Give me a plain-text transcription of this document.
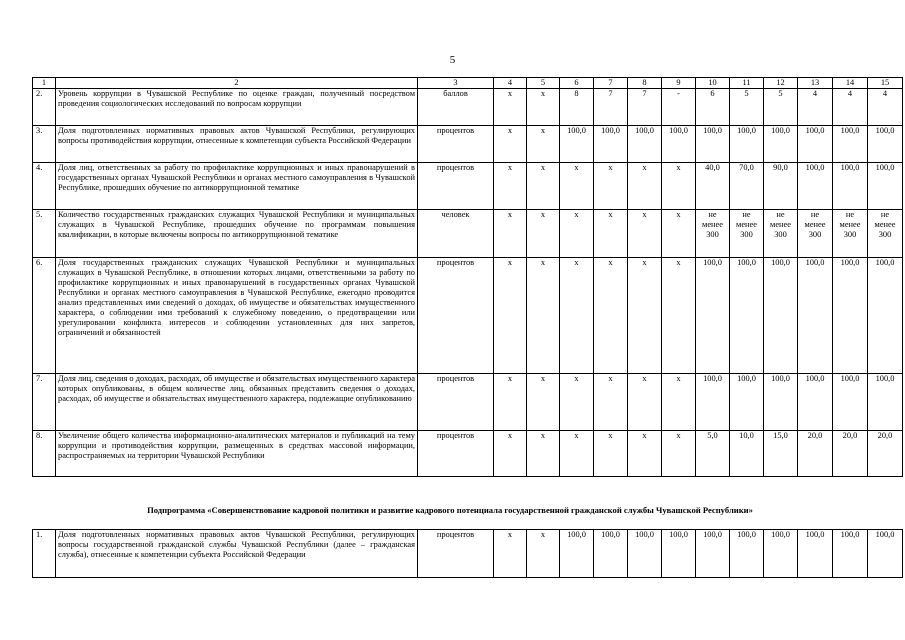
5
1	2	3	4	5	6	7	8	9	10	11	12	13	14	15
2.	Уровень коррупции в Чувашской Республике по оценке граждан, полученный посредством проведения социологических исследований по вопросам коррупции	баллов	х	х	8	7	7	-	6	5	5	4	4	4
3.	Доля подготовленных нормативных правовых актов Чувашской Республики, регулирующих вопросы противодействия коррупции, отнесенные к компетенции субъекта Российской Федерации	процентов	х	х	100,0	100,0	100,0	100,0	100,0	100,0	100,0	100,0	100,0	100,0
4.	Доля лиц, ответственных за работу по профилактике коррупционных и иных правонарушений в государственных органах Чувашской Республики и органах местного самоуправления в Чувашской Республике, прошедших обучение по антикоррупционной тематике	процентов	х	х	х	х	х	х	40,0	70,0	90,0	100,0	100,0	100,0
5.	Количество государственных гражданских служащих Чувашской Республики и муниципальных служащих в Чувашской Республике, прошедших обучение по программам повышения квалификации, в которые включены вопросы по антикоррупционной тематике	человек	х	х	х	х	х	х	не менее 300	не менее 300	не менее 300	не менее 300	не менее 300	не менее 300
6.	Доля государственных гражданских служащих Чувашской Республики и муниципальных служащих в Чувашской Республике, в отношении которых лицами, ответственными за работу по профилактике коррупционных и иных правонарушений в государственных органах Чувашской Республики и органах местного самоуправления в Чувашской Республике, ежегодно проводится анализ представленных ими сведений о доходах, об имуществе и обязательствах имущественного характера, о соблюдении ими требований к служебному поведению, о предотвращении или урегулировании конфликта интересов и соблюдении установленных для них запретов, ограничений и обязанностей	процентов	х	х	х	х	х	х	100,0	100,0	100,0	100,0	100,0	100,0
7.	Доля лиц, сведения о доходах, расходах, об имуществе и обязательствах имущественного характера которых опубликованы, в общем количестве лиц, обязанных представить сведения о доходах, расходах, об имуществе и обязательствах имущественного характера, подлежащие опубликованию	процентов	х	х	х	х	х	х	100,0	100,0	100,0	100,0	100,0	100,0
8.	Увеличение общего количества информационно-аналитических материалов и публикаций на тему коррупции и противодействия коррупции, размещенных в средствах массовой информации, распространяемых на территории Чувашской Республики	процентов	х	х	х	х	х	х	5,0	10,0	15,0	20,0	20,0	20,0
Подпрограмма «Совершенствование кадровой политики и развитие кадрового потенциала государственной гражданской службы Чувашской Республики»
1.	Доля подготовленных нормативных правовых актов Чувашской Республики, регулирующих вопросы государственной гражданской службы Чувашской Республики (далее – гражданская служба), отнесенные к компетенции субъекта Российской Федерации	процентов	х	х	100,0	100,0	100,0	100,0	100,0	100,0	100,0	100,0	100,0	100,0
